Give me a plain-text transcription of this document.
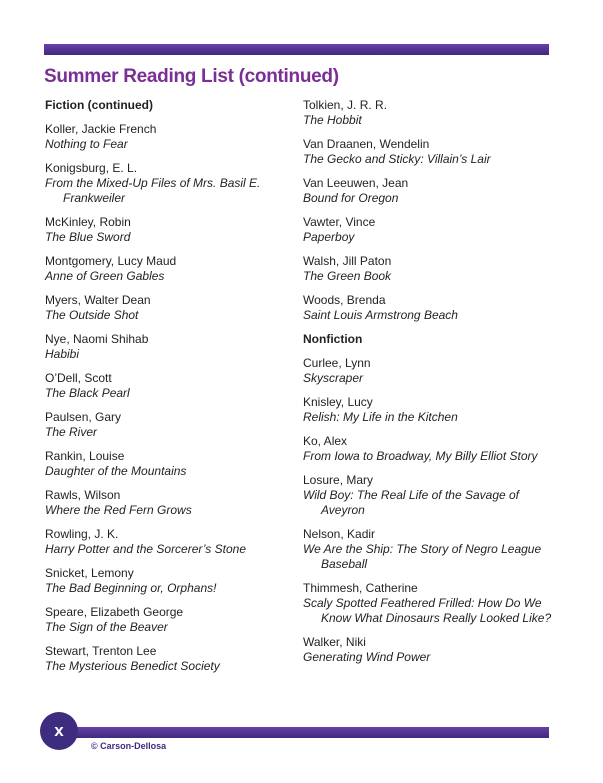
Summer Reading List (continued)
Fiction (continued)
Koller, Jackie French
Nothing to Fear
Konigsburg, E. L.
From the Mixed-Up Files of Mrs. Basil E. Frankweiler
McKinley, Robin
The Blue Sword
Montgomery, Lucy Maud
Anne of Green Gables
Myers, Walter Dean
The Outside Shot
Nye, Naomi Shihab
Habibi
O’Dell, Scott
The Black Pearl
Paulsen, Gary
The River
Rankin, Louise
Daughter of the Mountains
Rawls, Wilson
Where the Red Fern Grows
Rowling, J. K.
Harry Potter and the Sorcerer’s Stone
Snicket, Lemony
The Bad Beginning or, Orphans!
Speare, Elizabeth George
The Sign of the Beaver
Stewart, Trenton Lee
The Mysterious Benedict Society
Tolkien, J. R. R.
The Hobbit
Van Draanen, Wendelin
The Gecko and Sticky: Villain’s Lair
Van Leeuwen, Jean
Bound for Oregon
Vawter, Vince
Paperboy
Walsh, Jill Paton
The Green Book
Woods, Brenda
Saint Louis Armstrong Beach
Nonfiction
Curlee, Lynn
Skyscraper
Knisley, Lucy
Relish: My Life in the Kitchen
Ko, Alex
From Iowa to Broadway, My Billy Elliot Story
Losure, Mary
Wild Boy: The Real Life of the Savage of Aveyron
Nelson, Kadir
We Are the Ship: The Story of Negro League Baseball
Thimmesh, Catherine
Scaly Spotted Feathered Frilled: How Do We Know What Dinosaurs Really Looked Like?
Walker, Niki
Generating Wind Power
x
© Carson-Dellosa
